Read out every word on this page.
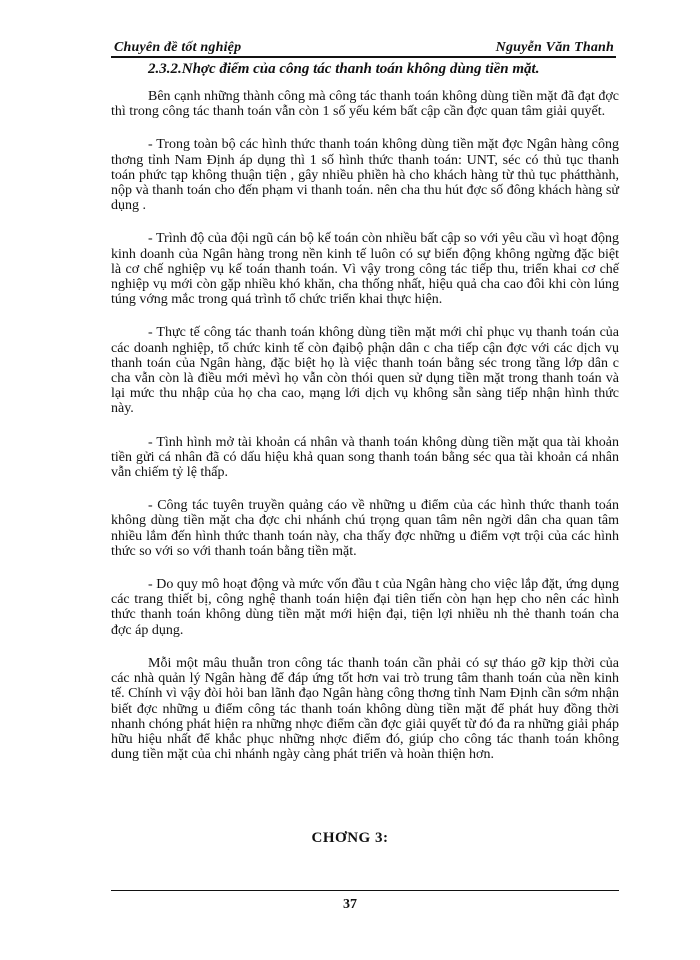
Chuyên đề tốt nghiệp	Nguyễn Văn Thanh
2.3.2.Nhợc điểm của công tác thanh toán không dùng tiền mặt.

Bên cạnh những thành công mà công tác thanh toán không dùng tiền mặt đã đạt đợc thì trong công tác thanh toán vẫn còn 1 số yếu kém bất cập cần đợc quan tâm giải quyết.

- Trong toàn bộ các hình thức thanh toán không dùng tiền mặt đợc Ngân hàng công thơng tỉnh Nam Định áp dụng thì 1 số hình thức thanh toán: UNT, séc có thủ tục thanh toán phức tạp không thuận tiện , gây nhiều phiền hà cho khách hàng từ thủ tục phátthành, nộp và thanh toán cho đến phạm vi thanh toán. nên cha thu hút đợc số đông khách hàng sử dụng .

- Trình độ của đội ngũ cán bộ kế toán còn nhiều bất cập so với yêu cầu vì hoạt động kinh doanh của Ngân hàng trong nền kinh tế luôn có sự biến động không ngừng đặc biệt là cơ chế nghiệp vụ kế toán thanh toán. Vì vậy trong công tác tiếp thu, triển khai cơ chế nghiệp vụ mới còn gặp nhiều khó khăn, cha thống nhất, hiệu quả cha cao đôi khi còn lúng túng vớng mắc trong quá trình tổ chức triển khai thực hiện.

- Thực tế công tác thanh toán không dùng tiền mặt mới chỉ phục vụ thanh toán của các doanh nghiệp, tổ chức kinh tế còn đạibộ phận dân c cha tiếp cận đợc với các dịch vụ thanh toán của Ngân hàng, đặc biệt họ là việc thanh toán bằng séc trong tầng lớp dân c cha vẫn còn là điều mới mẻvì họ vẫn còn thói quen sử dụng tiền mặt trong thanh toán và lại mức thu nhập của họ cha cao, mạng lới dịch vụ không sẵn sàng tiếp nhận hình thức này.

- Tình hình mở tài khoản cá nhân và thanh toán không dùng tiền mặt qua tài khoản tiền gửi cá nhân đã có dấu hiệu khả quan song thanh toán bằng séc qua tài khoản cá nhân vẫn chiếm tỷ lệ thấp.

- Công tác tuyên truyền quảng cáo về những u điểm của các hình thức thanh toán không dùng tiền mặt cha đợc chi nhánh chú trọng quan tâm nên ngời dân cha quan tâm nhiều lắm đến hình thức thanh toán này, cha thấy đợc những u điểm vợt trội của các hình thức so với so với thanh toán bằng tiền mặt.

- Do quy mô hoạt động và mức vốn đầu t của Ngân hàng cho việc lắp đặt, ứng dụng các trang thiết bị, công nghệ thanh toán hiện đại tiên tiến còn hạn hẹp cho nên các hình thức thanh toán không dùng tiền mặt mới hiện đại, tiện lợi nhiều nh thẻ thanh toán cha đợc áp dụng.

Mỗi một mâu thuẫn tron công tác thanh toán cần phải có sự tháo gỡ kịp thời của các nhà quản lý Ngân hàng để đáp ứng tốt hơn vai trò trung tâm thanh toán của nền kinh tế. Chính vì vậy đòi hỏi ban lãnh đạo Ngân hàng công thơng tỉnh Nam Định cần sớm nhận biết đợc những u điểm công tác thanh toán không dùng tiền mặt để phát huy đồng thời nhanh chóng phát hiện ra những nhợc điểm cần đợc giải quyết từ đó đa ra những giải pháp hữu hiệu nhất để khắc phục những nhợc điểm đó, giúp cho công tác thanh toán không dung tiền mặt của chi nhánh ngày càng phát triển và hoàn thiện hơn.

CHƠNG 3:
37
